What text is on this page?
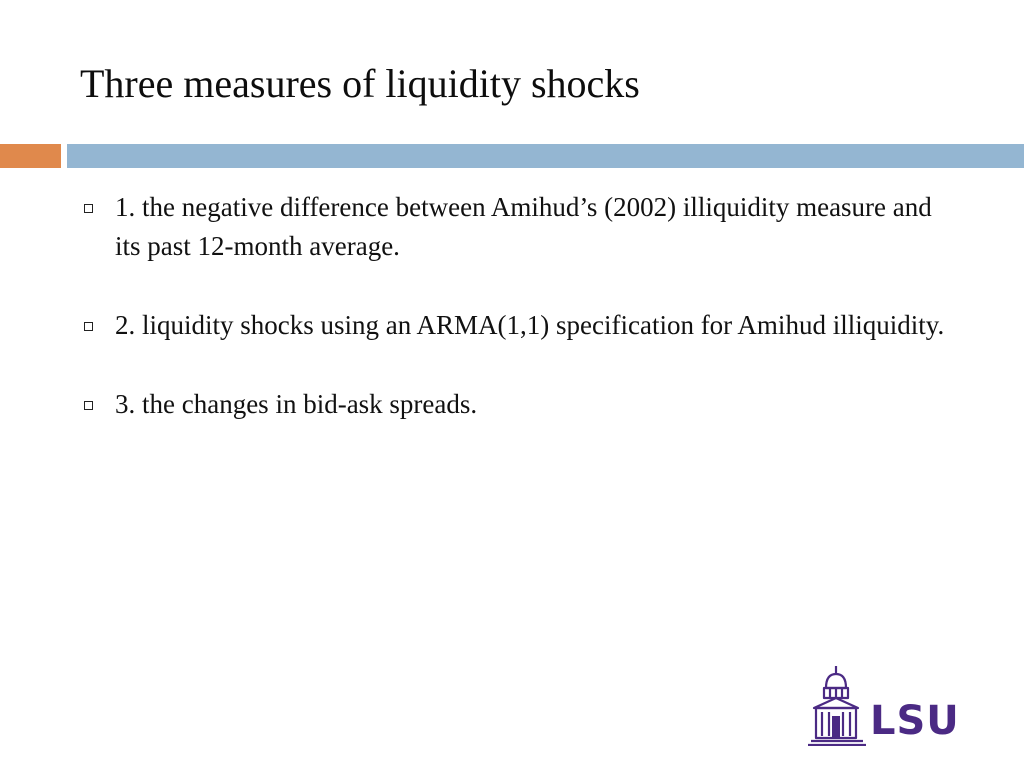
Three measures of liquidity shocks
1. the negative difference between Amihud’s (2002) illiquidity measure and its past 12-month average.
2. liquidity shocks using an ARMA(1,1) specification for Amihud illiquidity.
3. the changes in bid-ask spreads.
LSU
